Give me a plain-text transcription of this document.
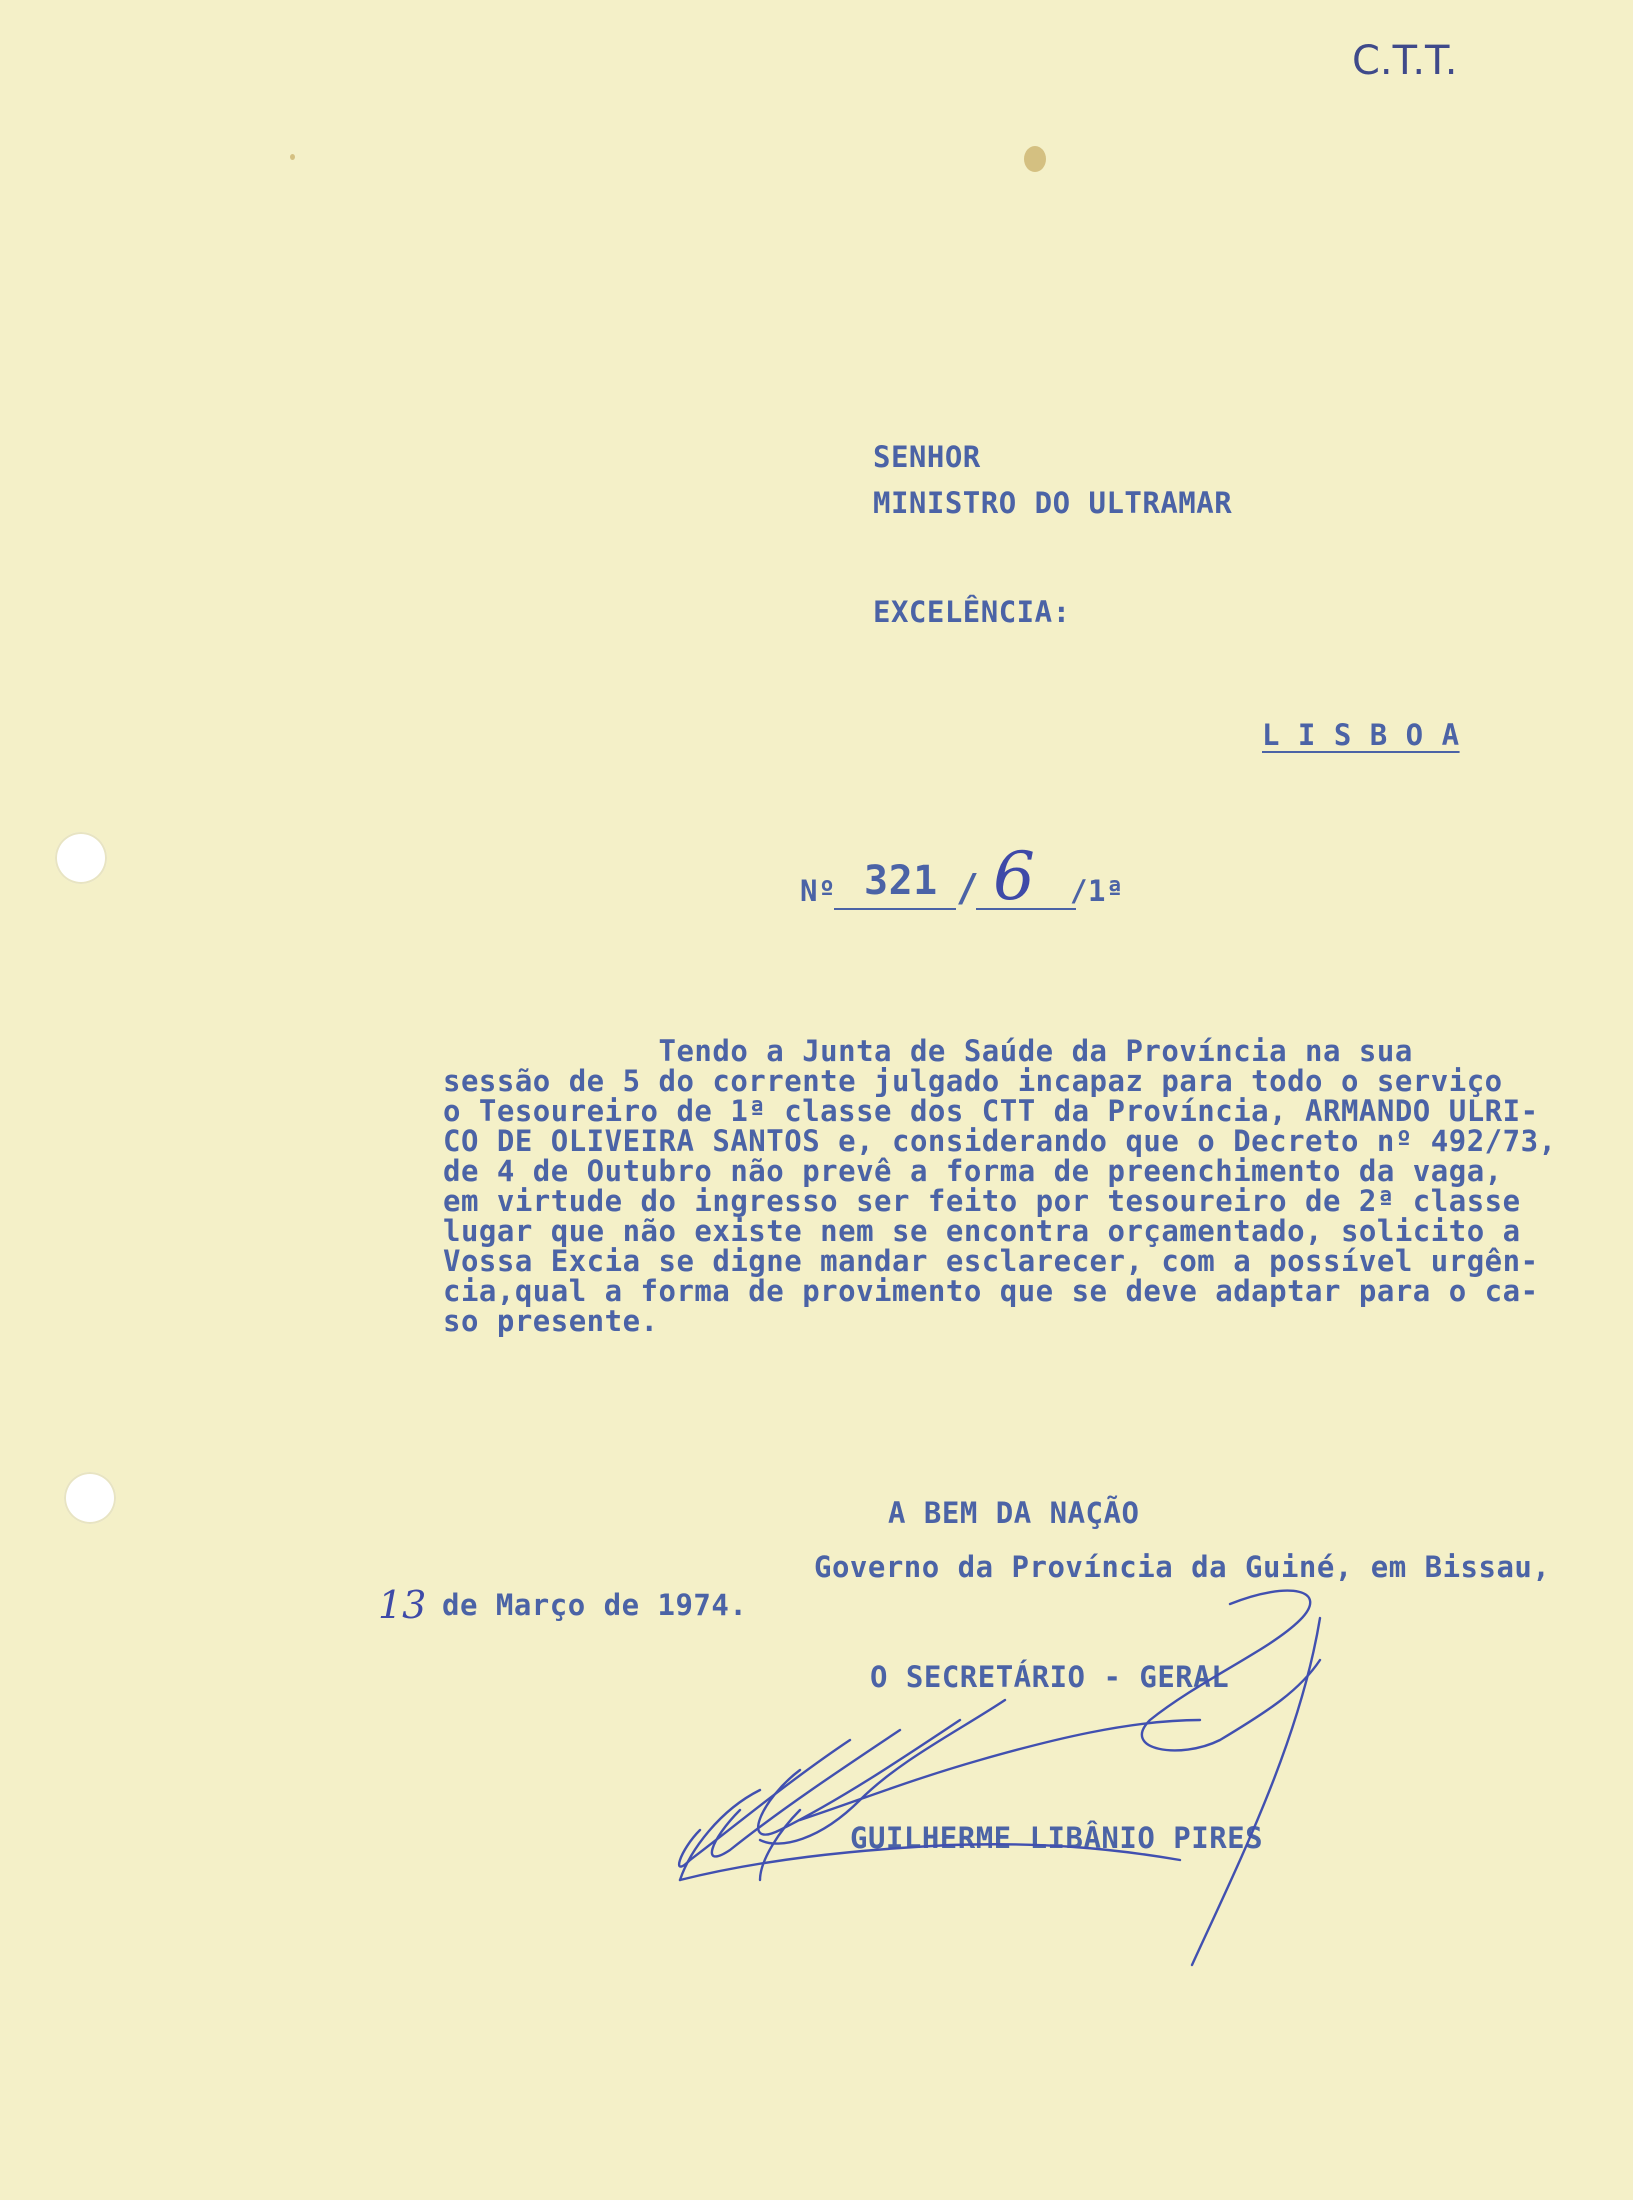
C.T.T.
SENHOR
MINISTRO DO ULTRAMAR
EXCELÊNCIA:
L I S B O A
Nº 321 / 6 /1ª
Tendo a Junta de Saúde da Província na sua
sessão de 5 do corrente julgado incapaz para todo o serviço
o Tesoureiro de 1ª classe dos CTT da Província, ARMANDO ULRI-
CO DE OLIVEIRA SANTOS e, considerando que o Decreto nº 492/73,
de 4 de Outubro não prevê a forma de preenchimento da vaga,
em virtude do ingresso ser feito por tesoureiro de 2ª classe
lugar que não existe nem se encontra orçamentado, solicito a
Vossa Excia se digne mandar esclarecer, com a possível urgên-
cia,qual a forma de provimento que se deve adaptar para o ca-
so presente.
A BEM DA NAÇÃO
Governo da Província da Guiné, em Bissau,
13 de Março de 1974.
O SECRETÁRIO - GERAL
GUILHERME LIBÂNIO PIRES
